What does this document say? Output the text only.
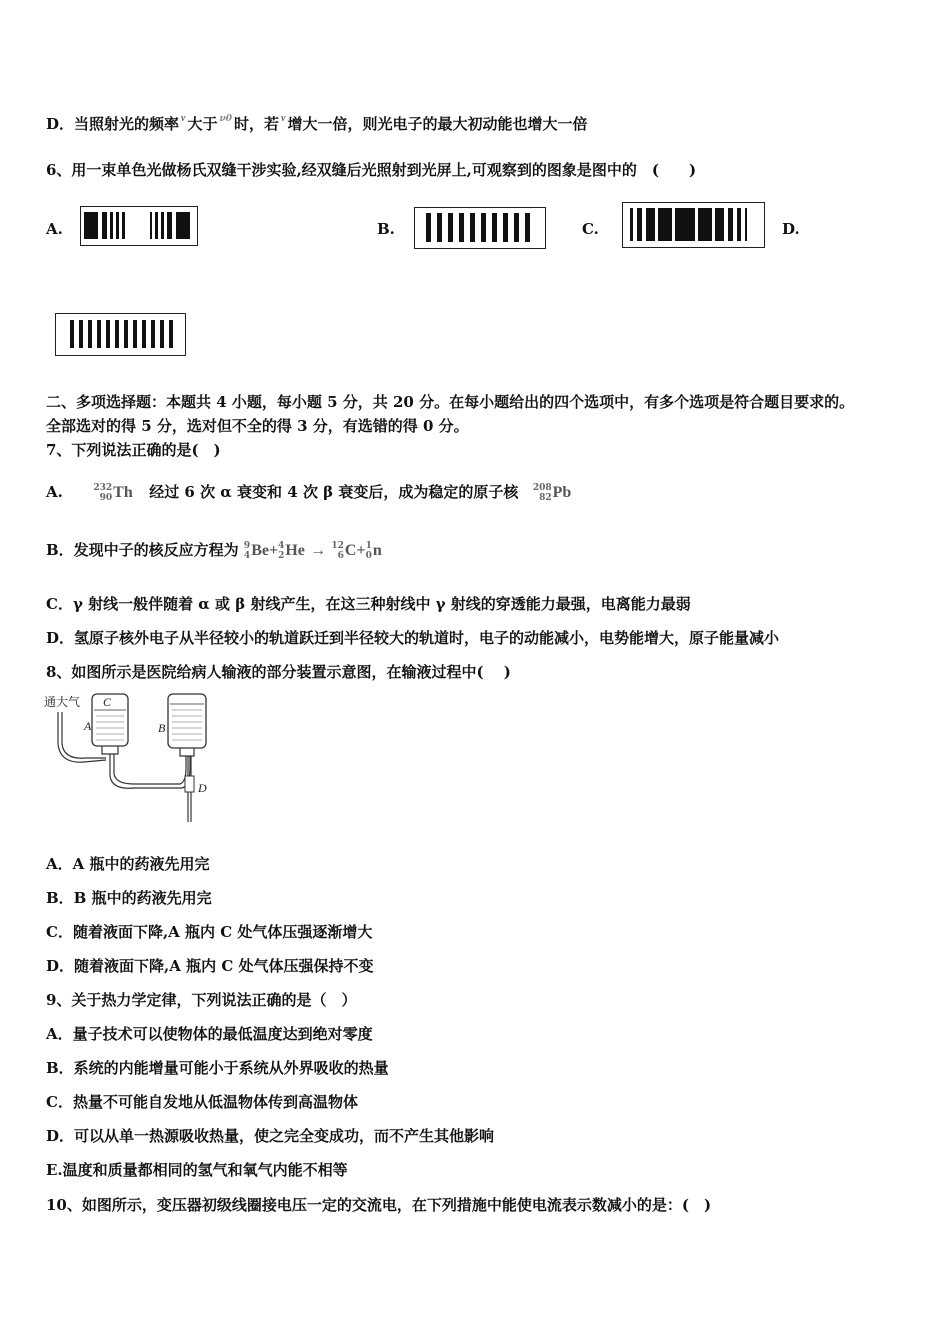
D．当照射光的频率 $^\nu$ 大于 $^{\nu 0}$ 时，若 $^\nu$ 增大一倍，则光电子的最大初动能也增大一倍
6、用一束单色光做杨氏双缝干涉实验,经双缝后光照射到光屏上,可观察到的图象是图中的　(　　)
A.	B.	C.	D.
二、多项选择题：本题共 4 小题，每小题 5 分，共 20 分。在每小题给出的四个选项中，有多个选项是符合题目要求的。
全部选对的得 5 分，选对但不全的得 3 分，有选错的得 0 分。
7、下列说法正确的是(　)
A.	232
90 Th 经过 6 次 α 衰变和 4 次 β 衰变后，成为稳定的原子核 208
82 Pb
B．发现中子的核反应方程为 9
4 Be+ 4
2 He → 12
6 C+ 1
0 n
C．γ 射线一般伴随着 α 或 β 射线产生，在这三种射线中 γ 射线的穿透能力最强，电离能力最弱
D．氢原子核外电子从半径较小的轨道跃迁到半径较大的轨道时，电子的动能减小，电势能增大，原子能量减小
8、如图所示是医院给病人输液的部分装置示意图，在输液过程中(　 )
通大气 C
A	B
D
A．A 瓶中的药液先用完
B．B 瓶中的药液先用完
C．随着液面下降,A 瓶内 C 处气体压强逐渐增大
D．随着液面下降,A 瓶内 C 处气体压强保持不变
9、关于热力学定律，下列说法正确的是（　）
A．量子技术可以使物体的最低温度达到绝对零度
B．系统的内能增量可能小于系统从外界吸收的热量
C．热量不可能自发地从低温物体传到高温物体
D．可以从单一热源吸收热量，使之完全变成功，而不产生其他影响
E.温度和质量都相同的氢气和氧气内能不相等
10、如图所示，变压器初级线圈接电压一定的交流电，在下列措施中能使电流表示数减小的是：(　)
